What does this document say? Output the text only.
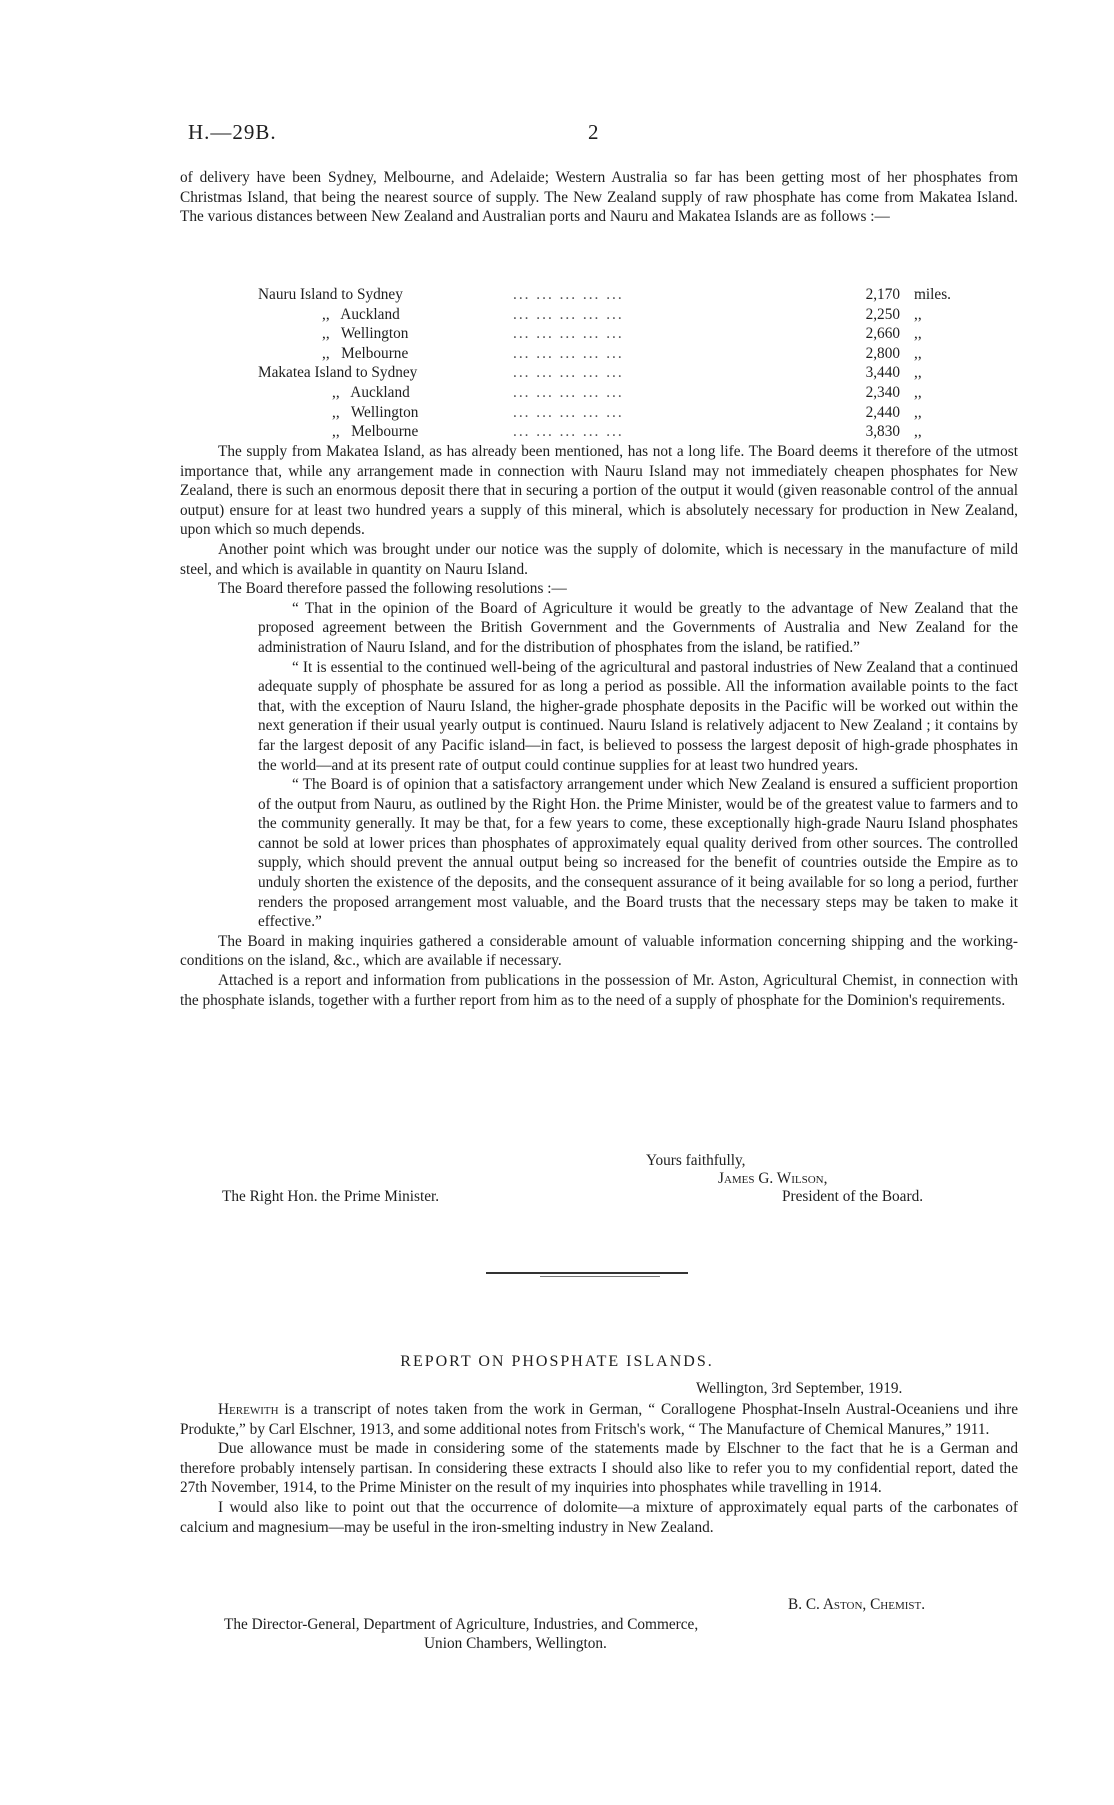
H.—29B.	2

of delivery have been Sydney, Melbourne, and Adelaide; Western Australia so far has been getting most of her phosphates from Christmas Island, that being the nearest source of supply. The New Zealand supply of raw phosphate has come from Makatea Island. The various distances between New Zealand and Australian ports and Nauru and Makatea Islands are as follows :—

Nauru Island to Sydney	... ... ... ... ...	2,170 miles.
,,   Auckland	... ... ... ... ...	2,250 ,,
,,   Wellington	... ... ... ... ...	2,660 ,,
,,   Melbourne	... ... ... ... ...	2,800 ,,
Makatea Island to Sydney	... ... ... ... ...	3,440 ,,
,,   Auckland	... ... ... ... ...	2,340 ,,
,,   Wellington	... ... ... ... ...	2,440 ,,
,,   Melbourne	... ... ... ... ...	3,830 ,,

The supply from Makatea Island, as has already been mentioned, has not a long life. The Board deems it therefore of the utmost importance that, while any arrangement made in connection with Nauru Island may not immediately cheapen phosphates for New Zealand, there is such an enormous deposit there that in securing a portion of the output it would (given reasonable control of the annual output) ensure for at least two hundred years a supply of this mineral, which is absolutely necessary for production in New Zealand, upon which so much depends.

Another point which was brought under our notice was the supply of dolomite, which is necessary in the manufacture of mild steel, and which is available in quantity on Nauru Island.

The Board therefore passed the following resolutions :—

“ That in the opinion of the Board of Agriculture it would be greatly to the advantage of New Zealand that the proposed agreement between the British Government and the Governments of Australia and New Zealand for the administration of Nauru Island, and for the distribution of phosphates from the island, be ratified.”

“ It is essential to the continued well-being of the agricultural and pastoral industries of New Zealand that a continued adequate supply of phosphate be assured for as long a period as possible. All the information available points to the fact that, with the exception of Nauru Island, the higher-grade phosphate deposits in the Pacific will be worked out within the next generation if their usual yearly output is continued. Nauru Island is relatively adjacent to New Zealand ; it contains by far the largest deposit of any Pacific island—in fact, is believed to possess the largest deposit of high-grade phosphates in the world—and at its present rate of output could continue supplies for at least two hundred years.

“ The Board is of opinion that a satisfactory arrangement under which New Zealand is ensured a sufficient proportion of the output from Nauru, as outlined by the Right Hon. the Prime Minister, would be of the greatest value to farmers and to the community generally. It may be that, for a few years to come, these exceptionally high-grade Nauru Island phosphates cannot be sold at lower prices than phosphates of approximately equal quality derived from other sources. The controlled supply, which should prevent the annual output being so increased for the benefit of countries outside the Empire as to unduly shorten the existence of the deposits, and the consequent assurance of it being available for so long a period, further renders the proposed arrangement most valuable, and the Board trusts that the necessary steps may be taken to make it effective.”

The Board in making inquiries gathered a considerable amount of valuable information concerning shipping and the working-conditions on the island, &c., which are available if necessary.

Attached is a report and information from publications in the possession of Mr. Aston, Agricultural Chemist, in connection with the phosphate islands, together with a further report from him as to the need of a supply of phosphate for the Dominion's requirements.

Yours faithfully,
James G. Wilson,
The Right Hon. the Prime Minister.	President of the Board.
REPORT ON PHOSPHATE ISLANDS.
Wellington, 3rd September, 1919.

Herewith is a transcript of notes taken from the work in German, “ Corallogene Phosphat-Inseln Austral-Oceaniens und ihre Produkte,” by Carl Elschner, 1913, and some additional notes from Fritsch's work, “ The Manufacture of Chemical Manures,” 1911.

Due allowance must be made in considering some of the statements made by Elschner to the fact that he is a German and therefore probably intensely partisan. In considering these extracts I should also like to refer you to my confidential report, dated the 27th November, 1914, to the Prime Minister on the result of my inquiries into phosphates while travelling in 1914.

I would also like to point out that the occurrence of dolomite—a mixture of approximately equal parts of the carbonates of calcium and magnesium—may be useful in the iron-smelting industry in New Zealand.

B. C. Aston, Chemist.
The Director-General, Department of Agriculture, Industries, and Commerce,
Union Chambers, Wellington.
